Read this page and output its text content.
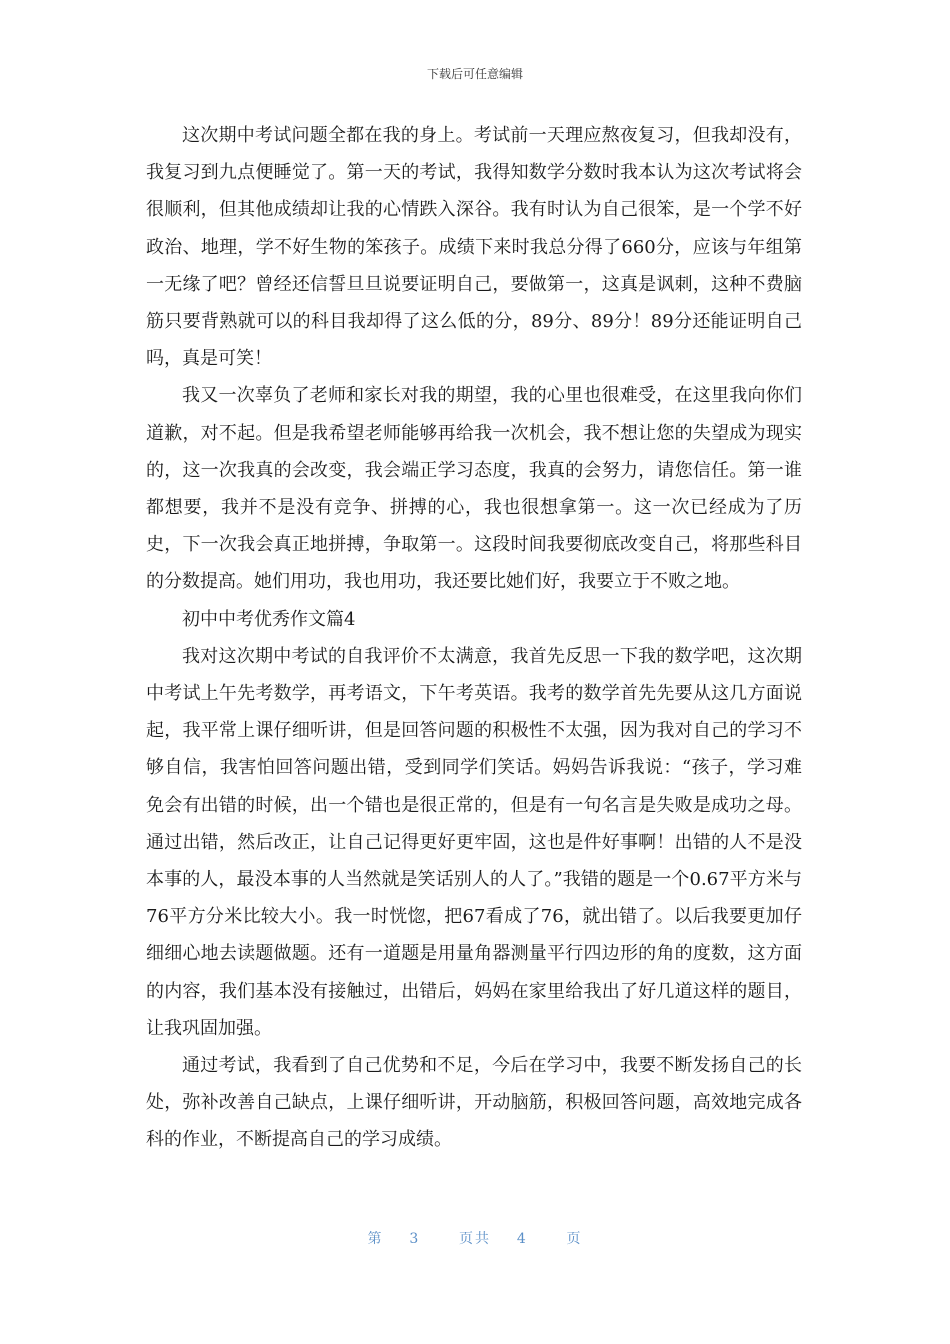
下载后可任意编辑

这次期中考试问题全都在我的身上。考试前一天理应熬夜复习，但我却没有，我复习到九点便睡觉了。第一天的考试，我得知数学分数时我本认为这次考试将会很顺利，但其他成绩却让我的心情跌入深谷。我有时认为自己很笨，是一个学不好政治、地理，学不好生物的笨孩子。成绩下来时我总分得了660分，应该与年组第一无缘了吧？曾经还信誓旦旦说要证明自己，要做第一，这真是讽刺，这种不费脑筋只要背熟就可以的科目我却得了这么低的分，89分、89分！89分还能证明自己吗，真是可笑！

我又一次辜负了老师和家长对我的期望，我的心里也很难受，在这里我向你们道歉，对不起。但是我希望老师能够再给我一次机会，我不想让您的失望成为现实的，这一次我真的会改变，我会端正学习态度，我真的会努力，请您信任。第一谁都想要，我并不是没有竞争、拼搏的心，我也很想拿第一。这一次已经成为了历史，下一次我会真正地拼搏，争取第一。这段时间我要彻底改变自己，将那些科目的分数提高。她们用功，我也用功，我还要比她们好，我要立于不败之地。

初中中考优秀作文篇4

我对这次期中考试的自我评价不太满意，我首先反思一下我的数学吧，这次期中考试上午先考数学，再考语文，下午考英语。我考的数学首先先要从这几方面说起，我平常上课仔细听讲，但是回答问题的积极性不太强，因为我对自己的学习不够自信，我害怕回答问题出错，受到同学们笑话。妈妈告诉我说：“孩子，学习难免会有出错的时候，出一个错也是很正常的，但是有一句名言是失败是成功之母。通过出错，然后改正，让自己记得更好更牢固，这也是件好事啊！出错的人不是没本事的人，最没本事的人当然就是笑话别人的人了。”我错的题是一个0.67平方米与76平方分米比较大小。我一时恍惚，把67看成了76，就出错了。以后我要更加仔细细心地去读题做题。还有一道题是用量角器测量平行四边形的角的度数，这方面的内容，我们基本没有接触过，出错后，妈妈在家里给我出了好几道这样的题目，让我巩固加强。

通过考试，我看到了自己优势和不足，今后在学习中，我要不断发扬自己的长处，弥补改善自己缺点，上课仔细听讲，开动脑筋，积极回答问题，高效地完成各科的作业，不断提高自己的学习成绩。

第 3	页共 4	页
